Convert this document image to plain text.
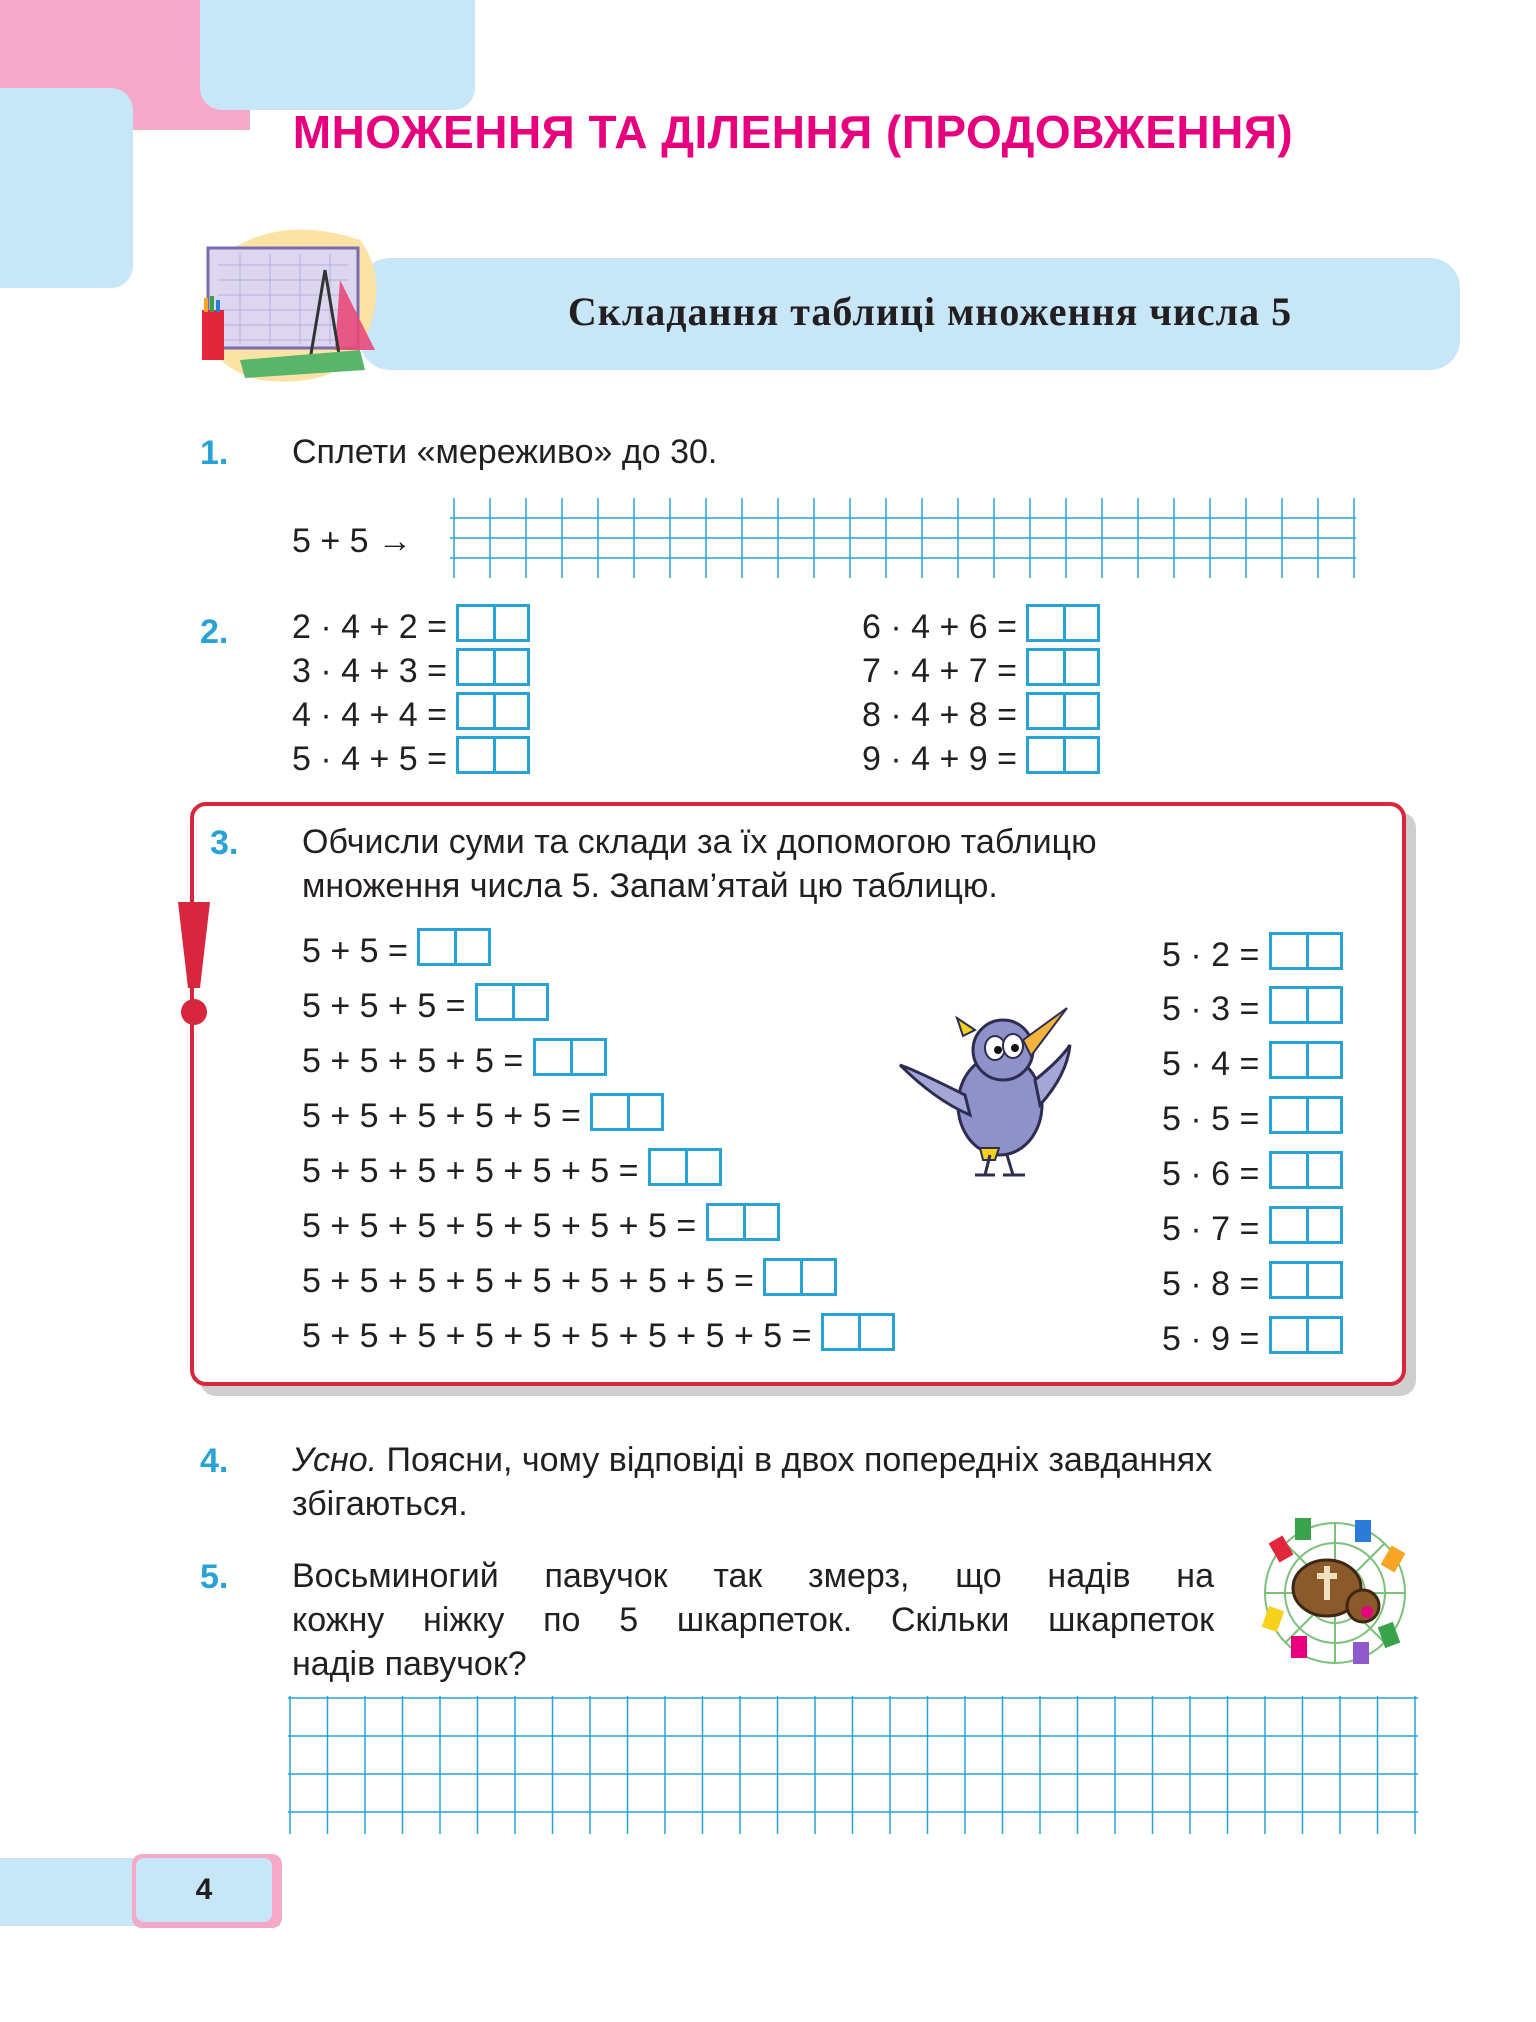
МНОЖЕННЯ ТА ДІЛЕННЯ (ПРОДОВЖЕННЯ)
Складання таблиці множення числа 5
1. Сплети «мереживо» до 30.
5 + 5 →
2. 2 · 4 + 2 =
3 · 4 + 3 =
4 · 4 + 4 =
5 · 4 + 5 =
6 · 4 + 6 =
7 · 4 + 7 =
8 · 4 + 8 =
9 · 4 + 9 =
3. Обчисли суми та склади за їх допомогою таблицю
множення числа 5. Запам’ятай цю таблицю.
5 + 5 =
5 + 5 + 5 =
5 + 5 + 5 + 5 =
5 + 5 + 5 + 5 + 5 =
5 + 5 + 5 + 5 + 5 + 5 =
5 + 5 + 5 + 5 + 5 + 5 + 5 =
5 + 5 + 5 + 5 + 5 + 5 + 5 + 5 =
5 + 5 + 5 + 5 + 5 + 5 + 5 + 5 + 5 =
5 · 2 =
5 · 3 =
5 · 4 =
5 · 5 =
5 · 6 =
5 · 7 =
5 · 8 =
5 · 9 =
4. Усно. Поясни, чому відповіді в двох попередніх завданнях
збігаються.
5. Восьминогий павучок так змерз, що надів на
кожну ніжку по 5 шкарпеток. Скільки шкарпеток
надів павучок?
4
